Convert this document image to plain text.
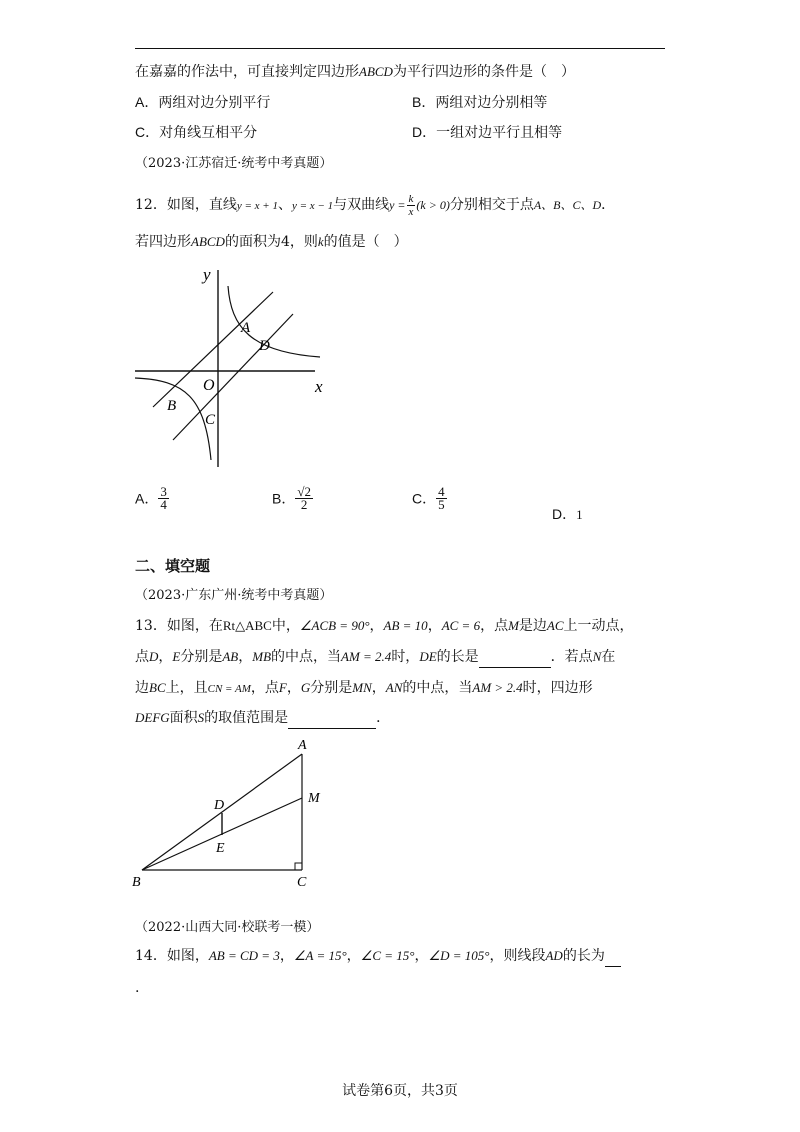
在嘉嘉的作法中，可直接判定四边形ABCD为平行四边形的条件是（　）
A．两组对边分别平行	B．两组对边分别相等
C．对角线互相平分	D．一组对边平行且相等
（2023·江苏宿迁·统考中考真题）
12．如图，直线y = x + 1、y = x − 1与双曲线$y = \frac{k}{x} (k > 0)$分别相交于点A、B、C、D．
若四边形ABCD的面积为4，则k的值是（　）
y
x
O
A
D
B
C
A． $\frac{3}{4}$	B． $\frac{√2}{2}$	C． $\frac{4}{5}$
D．1
二、填空题
（2023·广东广州·统考中考真题）
13．如图，在Rt△ABC中，∠ACB = 90°，AB = 10，AC = 6，点M是边AC上一动点，
点D，E分别是AB，MB的中点，当AM = 2.4时，DE的长是	．若点N在
边BC上，且CN = AM，点F，G分别是MN，AN的中点，当AM > 2.4时，四边形
DEFG面积S的取值范围是	．
A
B	C
D
E
M
（2022·山西大同·校联考一模）
14．如图，AB = CD = 3，∠A = 15°，∠C = 15°，∠D = 105°，则线段AD的长为
.
试卷第6页，共3页
